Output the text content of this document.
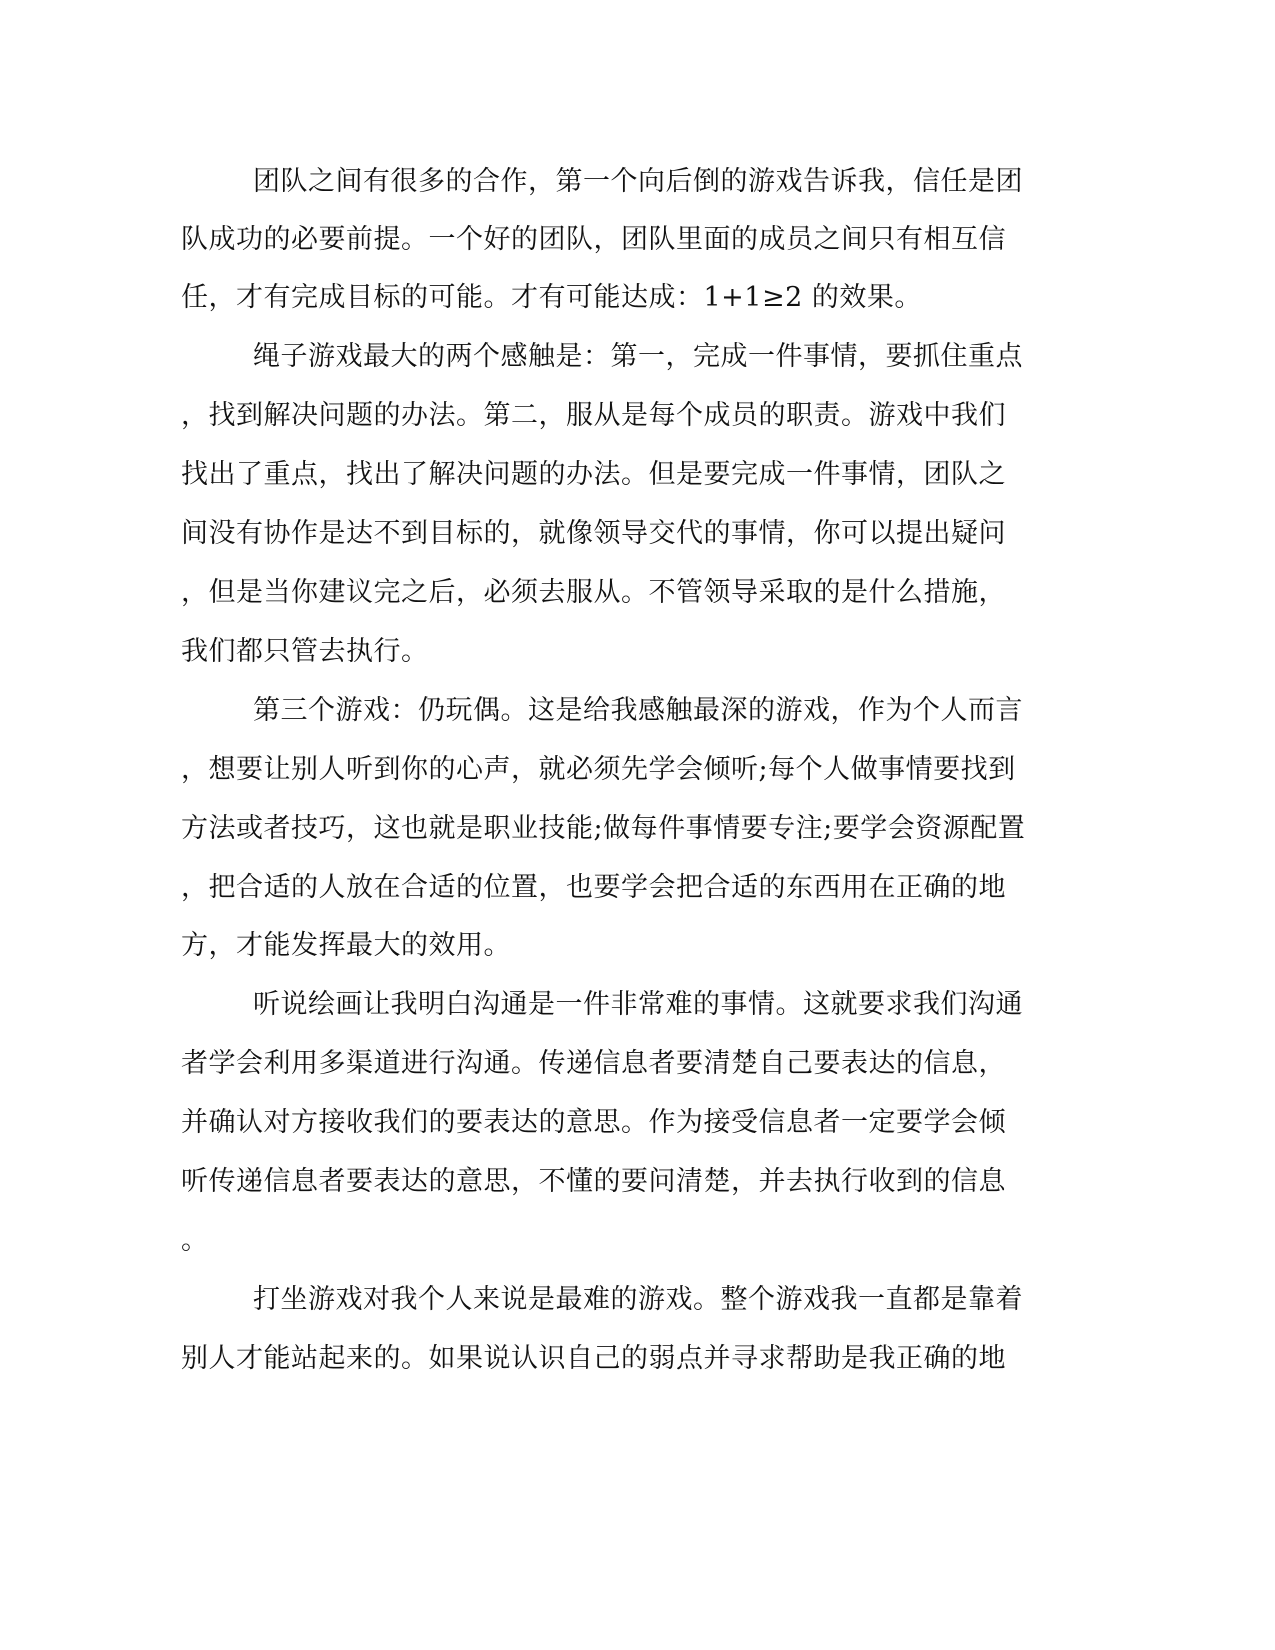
团队之间有很多的合作，第一个向后倒的游戏告诉我，信任是团
队成功的必要前提。一个好的团队，团队里面的成员之间只有相互信
任，才有完成目标的可能。才有可能达成：1+1≥2 的效果。
绳子游戏最大的两个感触是：第一，完成一件事情，要抓住重点
，找到解决问题的办法。第二，服从是每个成员的职责。游戏中我们
找出了重点，找出了解决问题的办法。但是要完成一件事情，团队之
间没有协作是达不到目标的，就像领导交代的事情，你可以提出疑问
，但是当你建议完之后，必须去服从。不管领导采取的是什么措施，
我们都只管去执行。
第三个游戏：仍玩偶。这是给我感触最深的游戏，作为个人而言
，想要让别人听到你的心声，就必须先学会倾听;每个人做事情要找到
方法或者技巧，这也就是职业技能;做每件事情要专注;要学会资源配置
，把合适的人放在合适的位置，也要学会把合适的东西用在正确的地
方，才能发挥最大的效用。
听说绘画让我明白沟通是一件非常难的事情。这就要求我们沟通
者学会利用多渠道进行沟通。传递信息者要清楚自己要表达的信息，
并确认对方接收我们的要表达的意思。作为接受信息者一定要学会倾
听传递信息者要表达的意思，不懂的要问清楚，并去执行收到的信息
。
打坐游戏对我个人来说是最难的游戏。整个游戏我一直都是靠着
别人才能站起来的。如果说认识自己的弱点并寻求帮助是我正确的地
